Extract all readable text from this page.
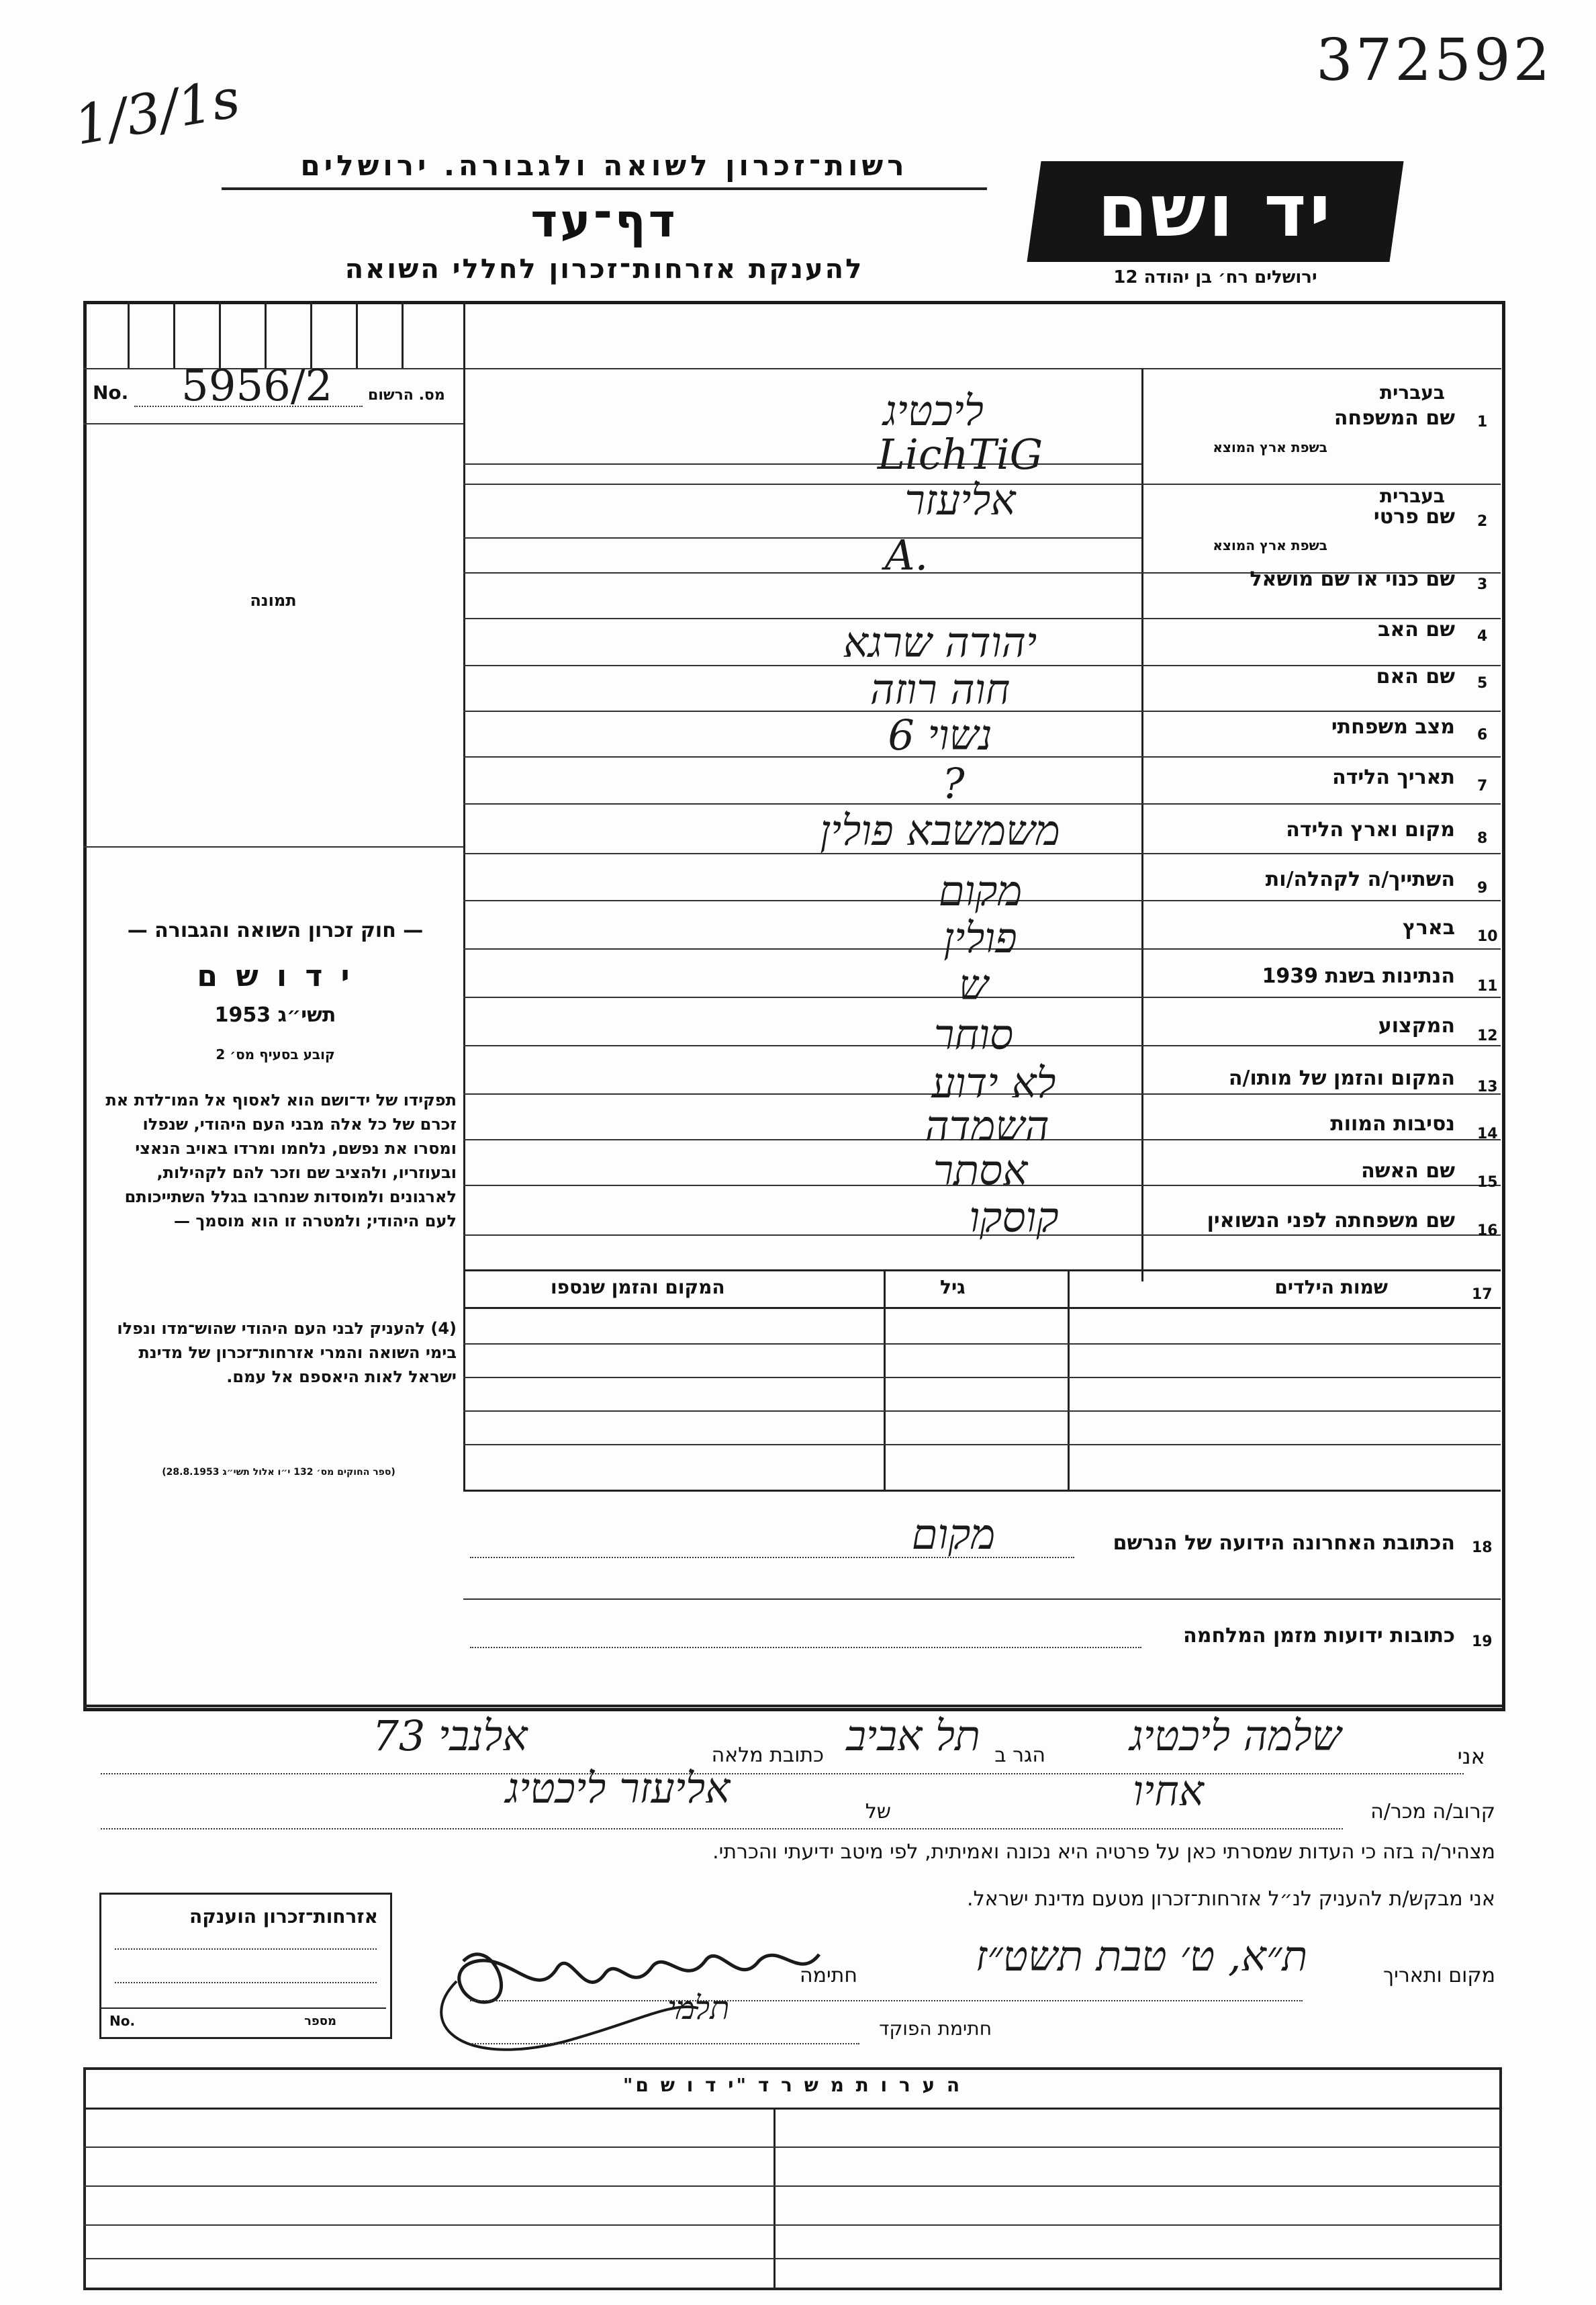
372592
1/3/1s
רשות־זכרון לשואה ולגבורה. ירושלים
דף־עד
להענקת אזרחות־זכרון לחללי השואה
יד ושם
ירושלים רח׳ בן יהודה 12
No. 5956/2 מס. הרשום
תמונה
— חוק זכרון השואה והגבורה —
י ד ו ש ם
תשי״ג 1953
קובע בסעיף מס׳ 2
תפקידו של יד־ושם הוא לאסוף אל המו־לדת את זכרם של כל אלה מבני העם היהודי, שנפלו ומסרו את נפשם, נלחמו ומרדו באויב הנאצי ובעוזריו, ולהציב שם וזכר להם לקהילות, לארגונים ולמוסדות שנחרבו בגלל השתייכותם לעם היהודי; ולמטרה זו הוא מוסמך —
(4) להעניק לבני העם היהודי שהוש־מדו ונפלו בימי השואה והמרי אזרחות־זכרון של מדינת ישראל לאות היאספם אל עמם.
(ספר החוקים מס׳ 132 י״ו אלול תשי״ג 28.8.1953)
1
שם המשפחה
בעברית
בשפת ארץ המוצא
ליכטיג
LichTiG
2
שם פרטי
בעברית
בשפת ארץ המוצא
אליעזר
A.
3
שם כנוי או שם מושאל
4
שם האב
יהודה שרגא
5
שם האם
חוה רוזה
6
מצב משפחתי
נשוי 6
7
תאריך הלידה
?
8
מקום וארץ הלידה
משמשבא פולין
9
השתייך/ה לקהלה/ות
מקום
10
בארץ
פולין
11
הנתינות בשנת 1939
ש
12
המקצוע
סוחר
13
המקום והזמן של מותו/ה
לא ידוע
14
נסיבות המוות
השמדה
15
שם האשה
אסתר
16
שם משפחתה לפני הנשואין
קוסקו
17
שמות הילדים
גיל
המקום והזמן שנספו
18
הכתובת האחרונה הידועה של הנרשם
מקום
19
כתובות ידועות מזמן המלחמה
אני
שלמה ליכטיג
הגר ב
תל אביב
כתובת מלאה
אלנבי 73
קרוב/ה מכר/ה
אחיו
של
אליעזר ליכטיג
מצהיר/ה בזה כי העדות שמסרתי כאן על פרטיה היא נכונה ואמיתית, לפי מיטב ידיעתי והכרתי.
אני מבקש/ת להעניק לנ״ל אזרחות־זכרון מטעם מדינת ישראל.
מקום ותאריך
ת״א, ט׳ טבת תשט״ז
חתימה
חתימת הפוקד
תלמי
אזרחות־זכרון הוענקה
No.	מספר
ה ע ר ו ת מ ש ר ד "י ד ו ש ם"
